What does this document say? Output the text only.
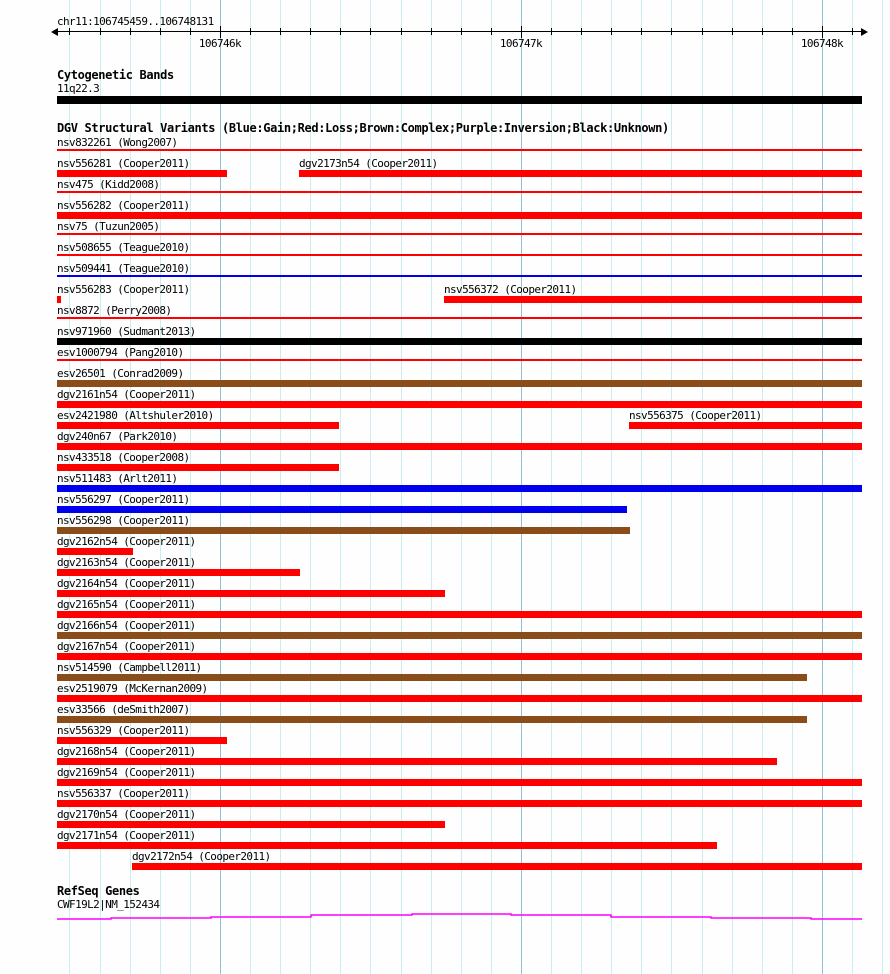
chr11:106745459..106748131
106746k	106747k	106748k
Cytogenetic Bands
11q22.3
DGV Structural Variants (Blue:Gain;Red:Loss;Brown:Complex;Purple:Inversion;Black:Unknown)
nsv832261 (Wong2007)
nsv556281 (Cooper2011)	dgv2173n54 (Cooper2011)
nsv475 (Kidd2008)
nsv556282 (Cooper2011)
nsv75 (Tuzun2005)
nsv508655 (Teague2010)
nsv509441 (Teague2010)
nsv556283 (Cooper2011)	nsv556372 (Cooper2011)
nsv8872 (Perry2008)
nsv971960 (Sudmant2013)
esv1000794 (Pang2010)
esv26501 (Conrad2009)
dgv2161n54 (Cooper2011)
esv2421980 (Altshuler2010)	nsv556375 (Cooper2011)
dgv240n67 (Park2010)
nsv433518 (Cooper2008)
nsv511483 (Arlt2011)
nsv556297 (Cooper2011)
nsv556298 (Cooper2011)
dgv2162n54 (Cooper2011)
dgv2163n54 (Cooper2011)
dgv2164n54 (Cooper2011)
dgv2165n54 (Cooper2011)
dgv2166n54 (Cooper2011)
dgv2167n54 (Cooper2011)
nsv514590 (Campbell2011)
esv2519079 (McKernan2009)
esv33566 (deSmith2007)
nsv556329 (Cooper2011)
dgv2168n54 (Cooper2011)
dgv2169n54 (Cooper2011)
nsv556337 (Cooper2011)
dgv2170n54 (Cooper2011)
dgv2171n54 (Cooper2011)
dgv2172n54 (Cooper2011)
RefSeq Genes
CWF19L2|NM_152434
